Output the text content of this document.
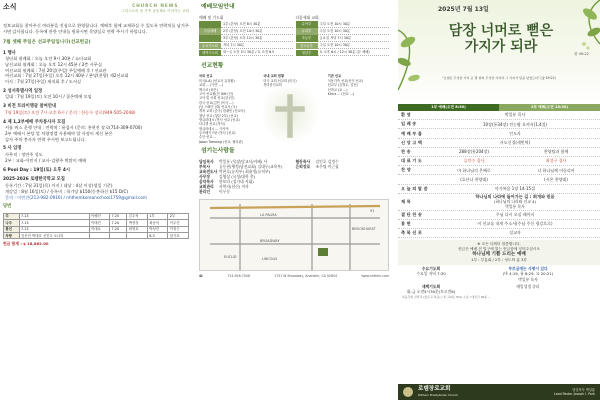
소식	CHURCH NEWS
그리스도의 몸 가족 공동체로 이어가는 교회
정보교회를 찾아주신 여러분을 진심으로 환영합니다. 예배후 함께 교제하실 수 있도록 연락처를 남겨주시면 감사합니다. 등록에 관한 안내를 원하시면 목양실로 연락 주시기 바랍니다.
7월 셋째 주일은 선교주일입니다(선교헌금)
1 행사
청년회 월례회 : 오늘 오전 9시 30분 / 쇼터교회
남선교회 월례회 : 오늘 오후 12시 45분 / 2층 사무실
여선교회 월례회 : 7월 20일(주일) 주일예배 후 / 선교관
여선교회 : 7월 27일(주일) 오후 12시 40분 / 본당(찬양) 제2선교회
이사 : 7월 27일(주일) 제직회 후 / 도서실
2 성서특별사역 일정
일대 : 7월 19일(토) 오전 10시 / 쿨온텍에 모임
3 비전 트라이앵글 참여안내
7월 19일(토) 오전 7시-오후 6시 / 문의 : 한동수 장로(949-505-2048)
4 제 1,2부예배 주차봉사자 모집
셔틀 버스 운행 안내 : 연락처 : 윤집사 (문의: 홍현진 장로(714-309-0700)
2부 예배시 본당 앞 차량정렬 사용해야 할 사정이 계신 분은
감사 주차 봉사자 연락 주시면 보고드립니다.
5 사 임명
사무직 : 정연주 성도
2부 : 교화-이민지 / 교사-김왕주 박많이 예배
6 Pool Day : 19일(토) 오후 4시
2025-2026 로템한국학교 모집
등록기간 : 7월 31일(목) 까지 / 대상 : 4살 이상(생일 기준)
개강일 : 8월 16일(토) / 등록비 : 학기당 $150(동봉하신 $15 D/C)
문의 : 이민진(213-982-0916) / nhthemkoreanschool1759@gmail.com
당번
주	7.13	이해진	7.20	김우석	1부	2부
나주	7.13	이태진	7.20	박현강	최동석	이우진
봉선	7.13	이대로	7.20	최영호	박성진	이정근
차량	김신민 박대호 신진우 오나리				8.3	한기호
헌금 합계 : $ 18,862.00
예배모임안내
예배 및 기도회
1부 (본당) 오전 8시 30분
주일예배	2부 (본당) 오전 10시 30분
3부 (본당) 오후 12시 30분
수요기도회	저녁 7시 30분
새벽기도회	화~금 오전 5시 30분 / 토 오전 6시
다음세대 교회
유아부	주일 오전 10시 30분
유치부	주일 오전 10시 30분
초등부	금요일 저녁 7시 30분
중고등부	주일 오전 10시 30분
청년부	토 오후 6시 / 12시 30분 (본 예배)
선교현황
국외 선교
미국(LA) (선교사 유창환)
교회 ... (이민 ...)
멕시코 (최은)
고아 선교원(전 Gift (인)
고아 및 사회 선교(강 (인)
한국 선교(김민 (목사 ...)
(남 스페인 (대) 선교사 (국)
개척 교회 (중국) 한광민 (선교사)
청년 선교 (청년 2부) (선교)
방글라데시 (목사 선교 (선교)
다니엘 선교 (목사)
방글라데시 ... 이사야
우즈베키스탄 (목사 (선교)
수단 선교 ...
Jason Tomaing (선교, 필리핀)
국내 교회 현황
미국 교회 선교회 (미국)
북미한인교회
기관 선교
이동가족 선교(신인 선교)
선교부 (김정도, 김선)
신학교 (교 ...)
Kim's ... (선교 ...)
섬기는사람들
담임목사	박일룡 (목장/담교사/카페) 사
부목사	공동현(행정/남선교회) 김대우(교육부)
교육전도사 박찬호(유치부) 최윤정(유치부)
사무장	김영삼 (유성/대학 총)
음악목사	한보라 (성가대 지휘)
교회관리	사역자(헌신) 이사
관리인	이우동
협동목사	김인호 김정수
은퇴장로	조주명 이근칠
LA PALMA
BROADWAY
LINCOLN
EUCLID
BROOKHURST
91
☎	714-956-7048	1751 W Broadway, Anaheim, CA 92804	www.nhthen.com
2025년 7월 13일
담장 너머로 뻗은
가지가 되라	창 49:22
"요셉은 무성한 가지 곧 샘 곁의 무성한 가지라 그 가지가 담을 넘었도다" (창 49:22)
1부 예배(오전 8:30)	2부 예배(오전 10:30)
환영	박일룡 목사
입례송	10장(통34장) 전능왕 오셔서(1,4절)
예배부름	인도자
신앙고백	사도신경(새번역)
찬송	288장(통204장)	찬양팀과 함께
대표기도	류인수 집사	최성구 집사
찬양	마 하나님의 은혜로	너 하나님께 이끌리어
(호산나 찬양대)	(시온 찬양대)
오늘의말씀	마가복음 1장 14-15절
제목
하나님의 나라에 들어가는 길 : 회개와 믿음
(하나님의 나라와 선교 4)
박일룡 목사
결단찬송	주님 다시 오실 때까지
봉헌	이 선교를 내게 주소서(주님 주신 평강으로)
축복선포	설교자
※ 모든 디렉터 말씀합니다.
헌금은 예배 전 입구에 있는 헌금함에 넣어주십시오
하나님께 기쁨 드리는 예배
1부 : 부흥회 / 2부 : 성도의 삶 3강
수요기도회
수요일 저녁 7:30
부르심에는 사명이 있다
(마 4:19, 롬 8:29, 요 20:21)
박일룡 목사
새벽기도회
화-금 오전5시30분(토오전6)
매일성경 큐티
복음주의 신학교 (장로교 복음) / 본 교회는 PCA 소속 / 대신교 30분 ...
로뎀장로교회
Rothem Presbyterian Church
담임목사 박일룡
Lead Pastor Joseph I. Park
